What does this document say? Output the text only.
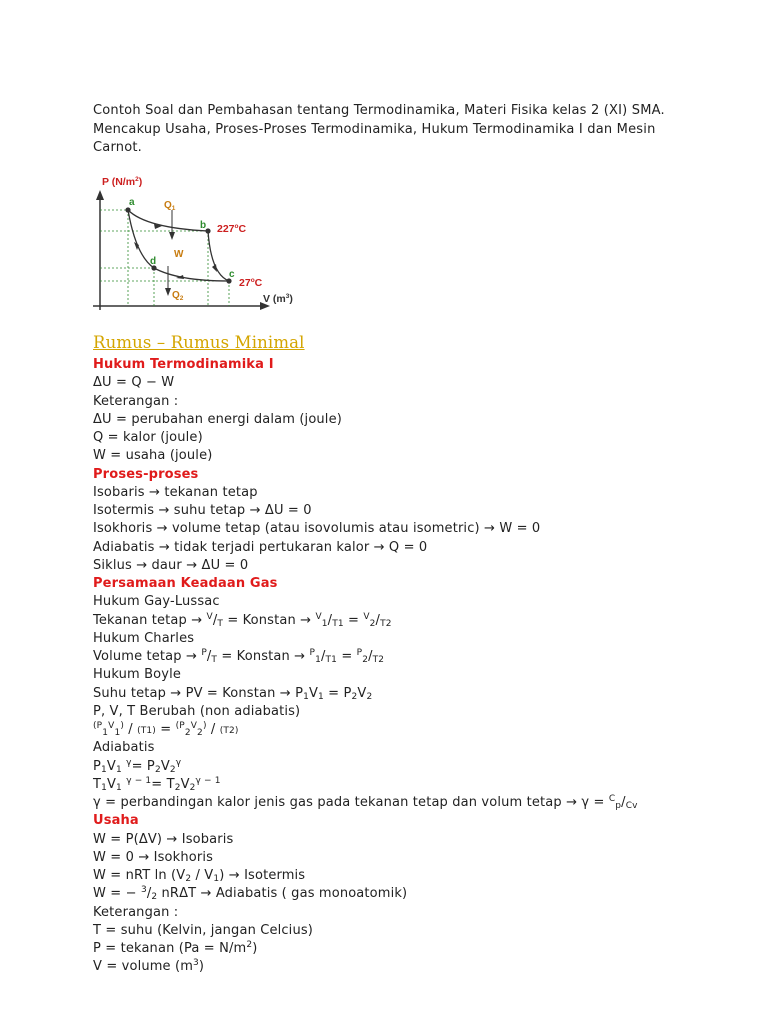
Contoh Soal dan Pembahasan tentang Termodinamika, Materi Fisika kelas 2 (XI) SMA. Mencakup Usaha, Proses-Proses Termodinamika, Hukum Termodinamika I dan Mesin Carnot.
P $(N/m^2)$
V $(m^3)$
a
b
c
d
$Q_1$
$Q_2$
W
227$^o$C
27$^o$C
Rumus – Rumus Minimal
Hukum Termodinamika I
ΔU = Q − W
Keterangan :
ΔU = perubahan energi dalam (joule)
Q = kalor (joule)
W = usaha (joule)
Proses-proses
Isobaris → tekanan tetap
Isotermis → suhu tetap → ΔU = 0
Isokhoris → volume tetap (atau isovolumis atau isometric) → W = 0
Adiabatis → tidak terjadi pertukaran kalor → Q = 0
Siklus → daur → ΔU = 0
Persamaan Keadaan Gas
Hukum Gay-Lussac
Tekanan tetap → $^V/_T$ = Konstan → $^V_1/_{T1} = ^V_2/_{T2}$
Hukum Charles
Volume tetap → $^P/_T$ = Konstan → $^P_1/_{T1} = ^P_2/_{T2}$
Hukum Boyle
Suhu tetap → PV = Konstan → $P_1V_1 = P_2V_2$
P, V, T Berubah (non adiabatis)
$^{(P}_1^V_1$) / (T1) = $^{(P}_2^V_2$) / (T2)
Adiabatis
$P_1V_1$ $^\gamma= P_2V_2^\gamma$
$T_1V_1$ $^{\gamma - 1}= T_2V_2^{\gamma - 1}$
γ = perbandingan kalor jenis gas pada tekanan tetap dan volum tetap → $\gamma = ^C_p/_{Cv}$
Usaha
W = P(ΔV) → Isobaris
W = 0 → Isokhoris
W = nRT $\ln (V_2 / V_1)$ → Isotermis
W = − $^3/_2$ nRΔT → Adiabatis ( gas monoatomik)
Keterangan :
T = suhu (Kelvin, jangan Celcius)
P = tekanan $(Pa = N/m^2)$
V = volume $(m^3)$
